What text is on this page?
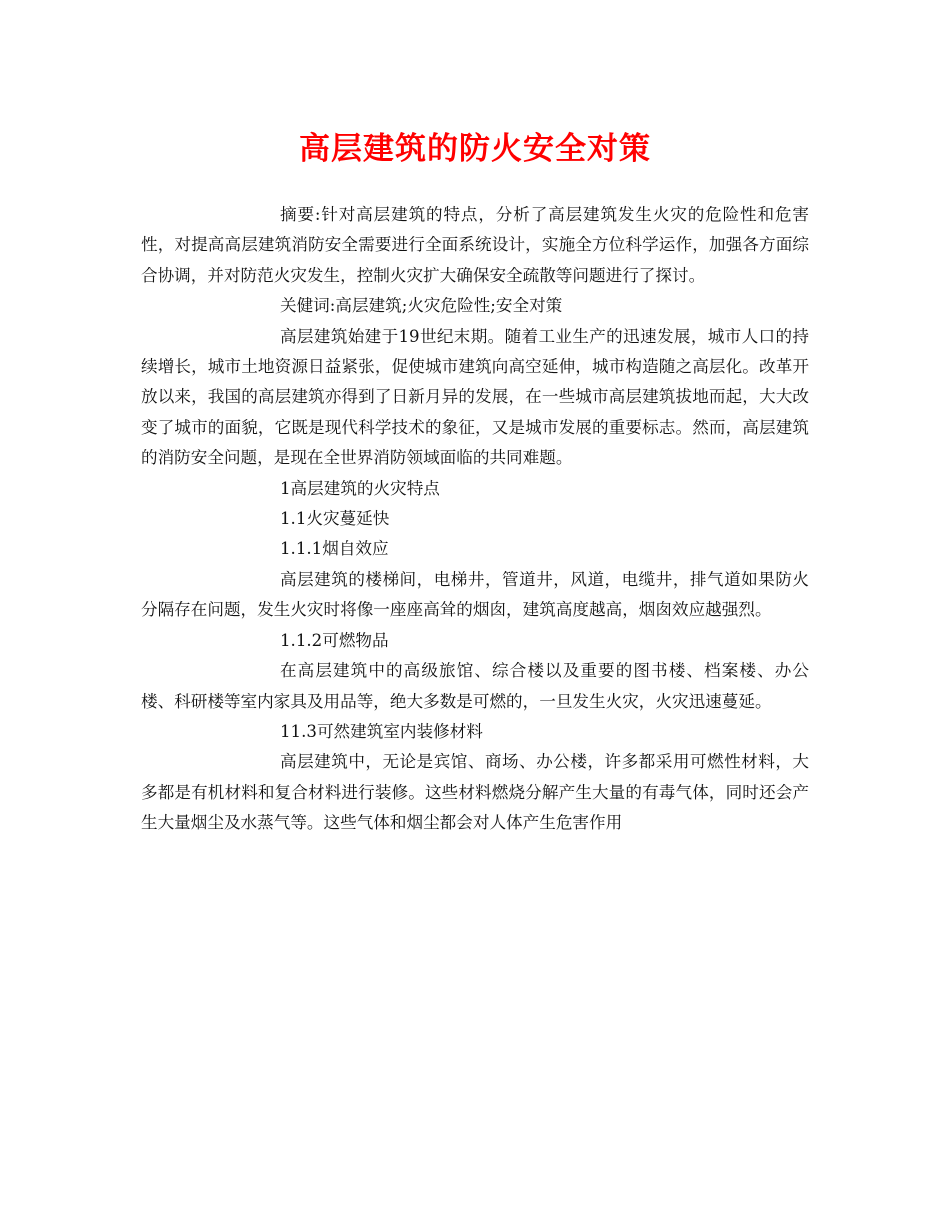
高层建筑的防火安全对策

摘要:针对高层建筑的特点，分析了高层建筑发生火灾的危险性和危害性，对提高高层建筑消防安全需要进行全面系统设计，实施全方位科学运作，加强各方面综合协调，并对防范火灾发生，控制火灾扩大确保安全疏散等问题进行了探讨。

关健词:高层建筑;火灾危险性;安全对策

高层建筑始建于19世纪末期。随着工业生产的迅速发展，城市人口的持续增长，城市土地资源日益紧张，促使城市建筑向高空延伸，城市构造随之高层化。改革开放以来，我国的高层建筑亦得到了日新月异的发展，在一些城市高层建筑拔地而起，大大改变了城市的面貌，它既是现代科学技术的象征，又是城市发展的重要标志。然而，高层建筑的消防安全问题，是现在全世界消防领域面临的共同难题。

1高层建筑的火灾特点

1.1火灾蔓延快

1.1.1烟自效应

高层建筑的楼梯间，电梯井，管道井，风道，电缆井，排气道如果防火分隔存在问题，发生火灾时将像一座座高耸的烟囱，建筑高度越高，烟囱效应越强烈。

1.1.2可燃物品

在高层建筑中的高级旅馆、综合楼以及重要的图书楼、档案楼、办公楼、科研楼等室内家具及用品等，绝大多数是可燃的，一旦发生火灾，火灾迅速蔓延。

11.3可然建筑室内装修材料

高层建筑中，无论是宾馆、商场、办公楼，许多都采用可燃性材料，大多都是有机材料和复合材料进行装修。这些材料燃烧分解产生大量的有毒气体，同时还会产生大量烟尘及水蒸气等。这些气体和烟尘都会对人体产生危害作用
